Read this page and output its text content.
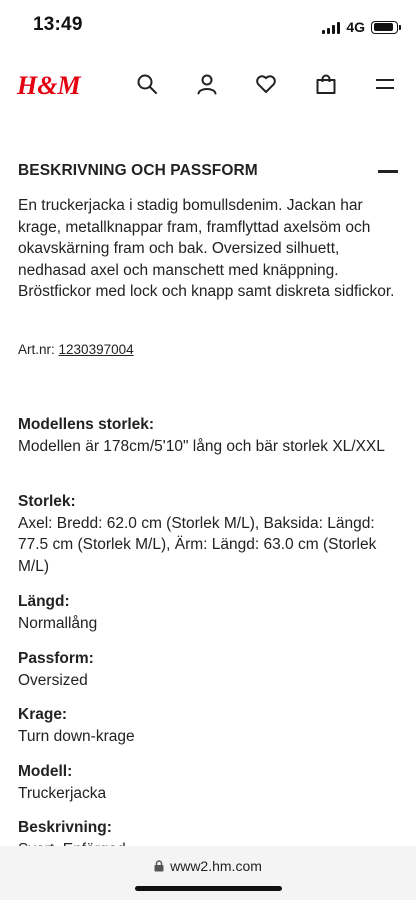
13:49	4G
H&M
BESKRIVNING OCH PASSFORM

En truckerjacka i stadig bomullsdenim. Jackan har krage, metallknappar fram, framflyttad axelsöm och okavskärning fram och bak. Oversized silhuett, nedhasad axel och manschett med knäppning. Bröstfickor med lock och knapp samt diskreta sidfickor.

Art.nr: 1230397004
Modellens storlek:
Modellen är 178cm/5'10" lång och bär storlek XL/XXL
Storlek:
Axel: Bredd: 62.0 cm (Storlek M/L), Baksida: Längd: 77.5 cm (Storlek M/L), Ärm: Längd: 63.0 cm (Storlek M/L)
Längd:
Normallång
Passform:
Oversized
Krage:
Turn down-krage
Modell:
Truckerjacka
Beskrivning:
www2.hm.com
